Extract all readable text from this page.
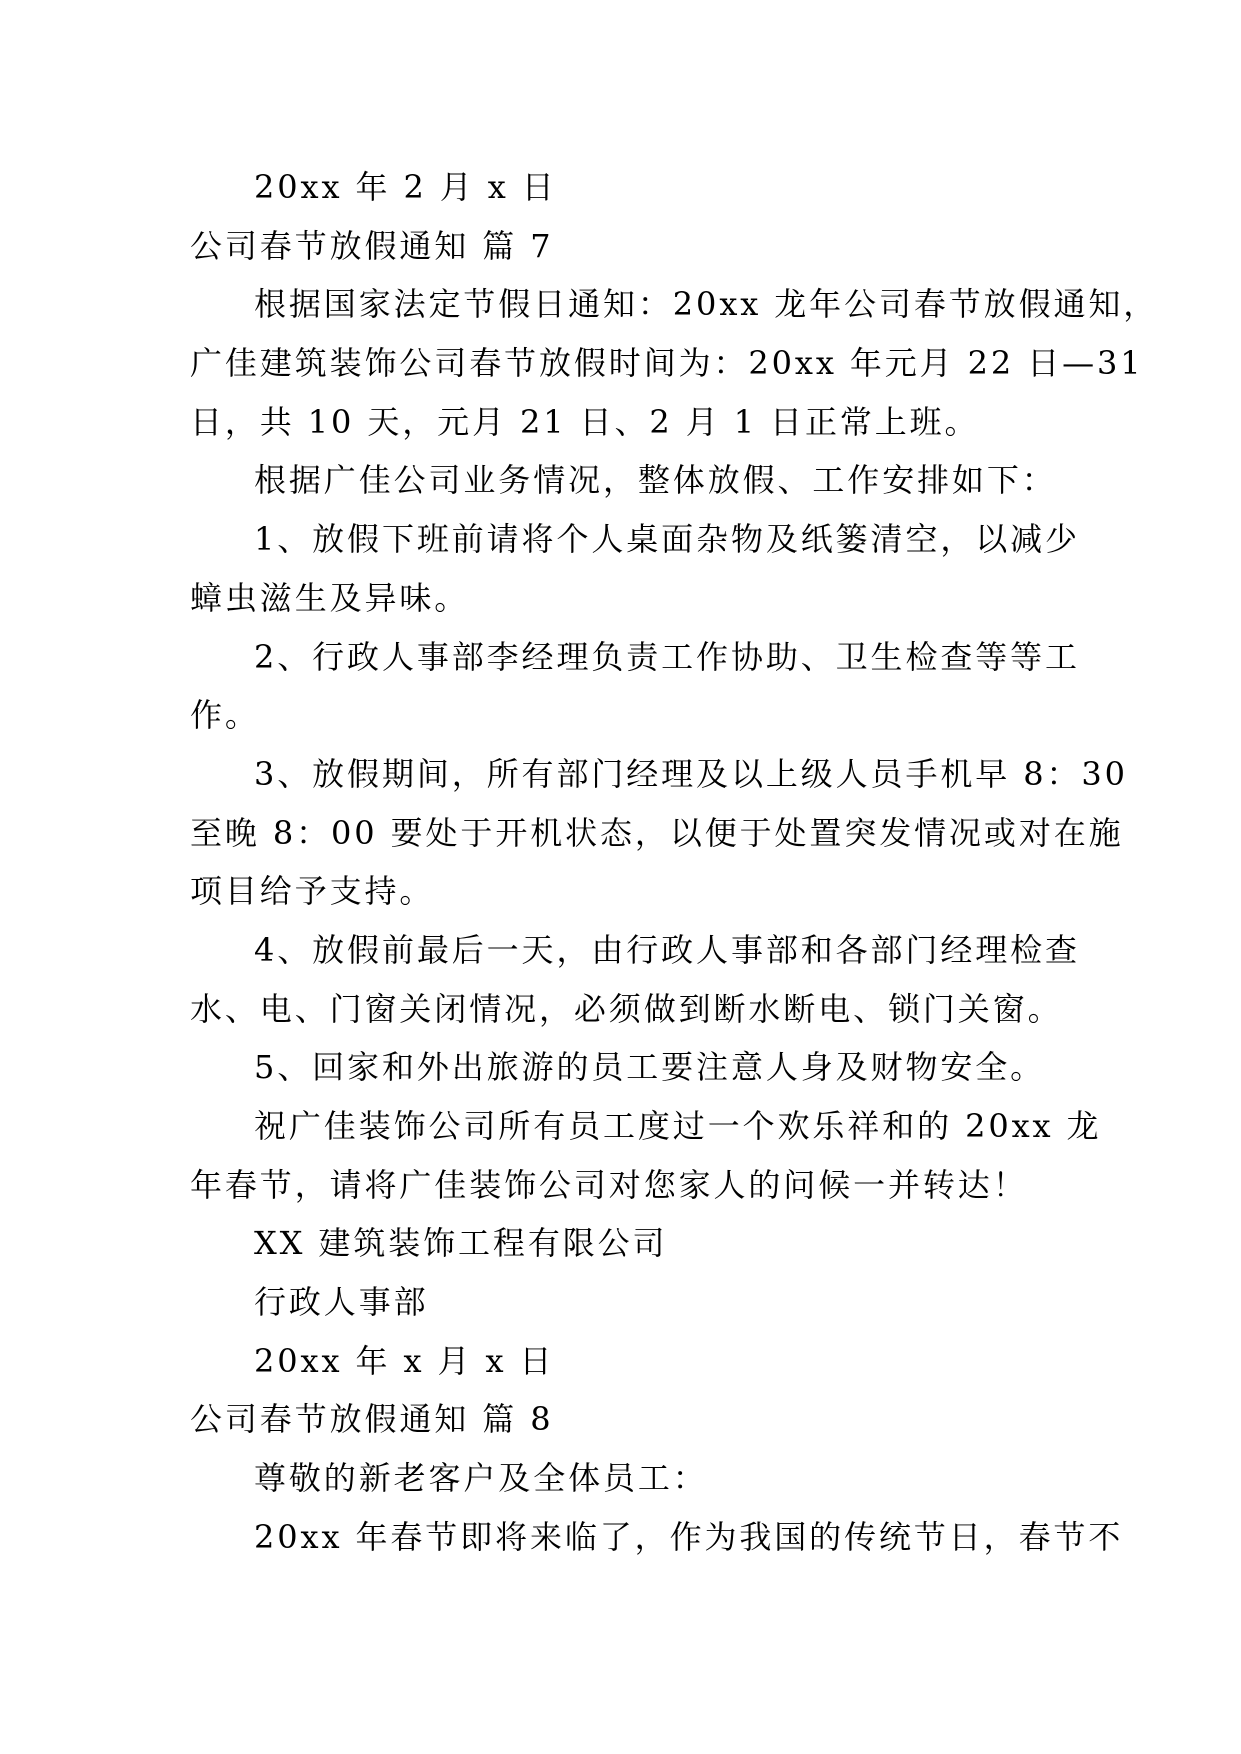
20xx 年 2 月 x 日
公司春节放假通知 篇 7
根据国家法定节假日通知：20xx 龙年公司春节放假通知，
广佳建筑装饰公司春节放假时间为：20xx 年元月 22 日—31
日，共 10 天，元月 21 日、2 月 1 日正常上班。
根据广佳公司业务情况，整体放假、工作安排如下：
1、放假下班前请将个人桌面杂物及纸篓清空，以减少
蟑虫滋生及异味。
2、行政人事部李经理负责工作协助、卫生检查等等工
作。
3、放假期间，所有部门经理及以上级人员手机早 8：30
至晚 8：00 要处于开机状态，以便于处置突发情况或对在施
项目给予支持。
4、放假前最后一天，由行政人事部和各部门经理检查
水、电、门窗关闭情况，必须做到断水断电、锁门关窗。
5、回家和外出旅游的员工要注意人身及财物安全。
祝广佳装饰公司所有员工度过一个欢乐祥和的 20xx 龙
年春节，请将广佳装饰公司对您家人的问候一并转达！
XX 建筑装饰工程有限公司
行政人事部
20xx 年 x 月 x 日
公司春节放假通知 篇 8
尊敬的新老客户及全体员工：
20xx 年春节即将来临了，作为我国的传统节日，春节不
